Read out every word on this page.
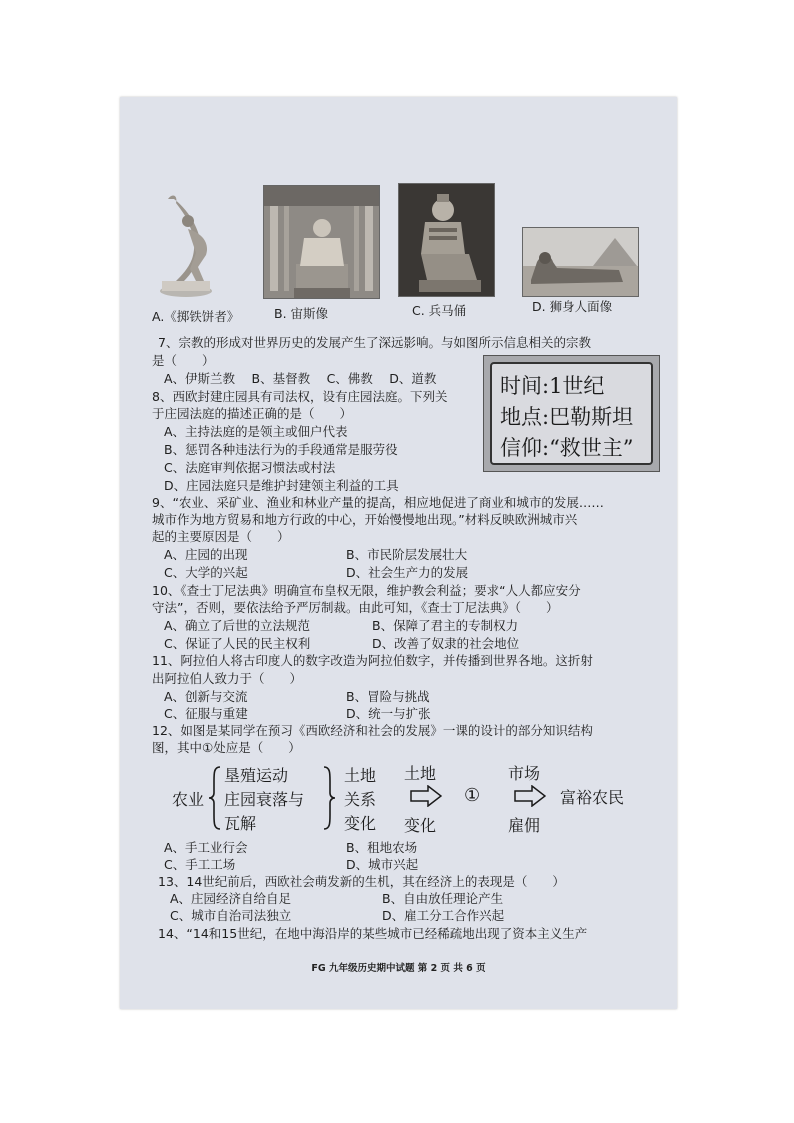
A.《掷铁饼者》	B. 宙斯像	C. 兵马俑	D. 狮身人面像
7、宗教的形成对世界历史的发展产生了深远影响。与如图所示信息相关的宗教
是（　　）
A、伊斯兰教　 B、基督教　 C、佛教　 D、道教	时间:1世纪
地点:巴勒斯坦
信仰:“救世主”
8、西欧封建庄园具有司法权，设有庄园法庭。下列关
于庄园法庭的描述正确的是（　　）
A、主持法庭的是领主或佃户代表
B、惩罚各种违法行为的手段通常是服劳役
C、法庭审判依据习惯法或村法
D、庄园法庭只是维护封建领主利益的工具
9、“农业、采矿业、渔业和林业产量的提高，相应地促进了商业和城市的发展……
城市作为地方贸易和地方行政的中心，开始慢慢地出现。”材料反映欧洲城市兴
起的主要原因是（　　）
A、庄园的出现	B、市民阶层发展壮大
C、大学的兴起	D、社会生产力的发展
10、《查士丁尼法典》明确宣布皇权无限，维护教会利益；要求“人人都应安分
守法”，否则，要依法给予严厉制裁。由此可知，《查士丁尼法典》（　　）
A、确立了后世的立法规范	B、保障了君主的专制权力
C、保证了人民的民主权利	D、改善了奴隶的社会地位
11、阿拉伯人将古印度人的数字改造为阿拉伯数字，并传播到世界各地。这折射
出阿拉伯人致力于（　　）
A、创新与交流	B、冒险与挑战
C、征服与重建	D、统一与扩张
12、如图是某同学在预习《西欧经济和社会的发展》一课的设计的部分知识结构
图，其中①处应是（　　）
农业
垦殖运动
庄园衰落与
瓦解
土地
关系
变化
土地
变化
①
市场
雇佣
富裕农民
A、手工业行会	B、租地农场
C、手工工场	D、城市兴起
13、14世纪前后，西欧社会萌发新的生机，其在经济上的表现是（　　）
A、庄园经济自给自足	B、自由放任理论产生
C、城市自治司法独立	D、雇工分工合作兴起
14、“14和15世纪，在地中海沿岸的某些城市已经稀疏地出现了资本主义生产
FG 九年级历史期中试题 第 2 页 共 6 页
